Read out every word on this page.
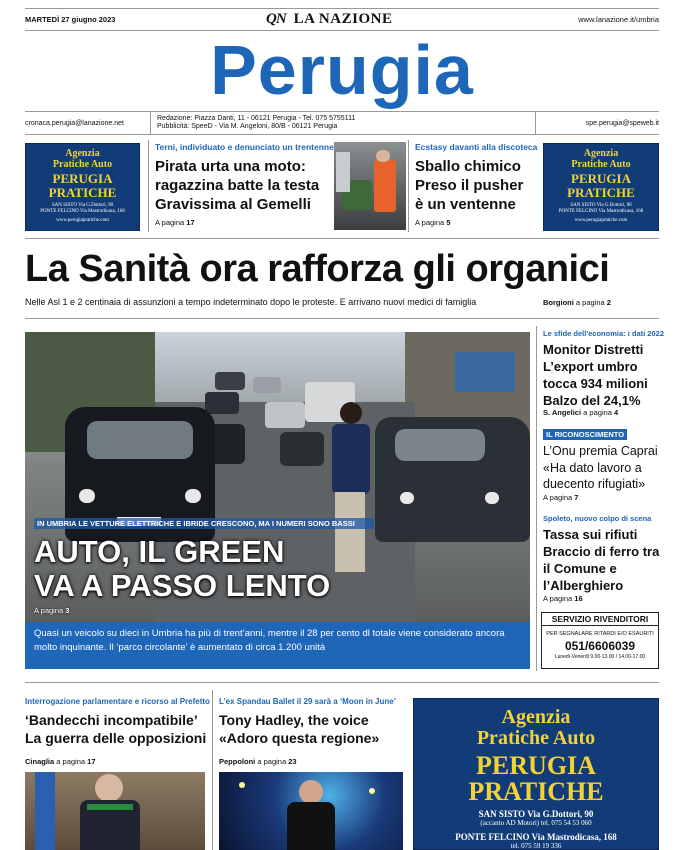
MARTEDÌ 27 giugno 2023	QN LA NAZIONE	www.lanazione.it/umbria
Perugia
cronaca.perugia@lanazione.net
Redazione: Piazza Danti, 11 - 06121 Perugia - Tel. 075 5755111
Pubblicità: SpeeD - Via M. Angeloni, 80/B - 06121 Perugia	spe.perugia@speweb.it
Agenzia
Pratiche Auto
PERUGIA
PRATICHE
SAN SISTO Via G.Dottori, 90
PONTE FELCINO Via Mastrodicasa, 168
www.perugiapratiche.com
Terni, individuato e denunciato un trentenne
Pirata urta una moto: ragazzina batte la testa Gravissima al Gemelli
A pagina 17
Ecstasy davanti alla discoteca
Sballo chimico Preso il pusher è un ventenne
A pagina 5
Agenzia
Pratiche Auto
PERUGIA
PRATICHE
SAN SISTO Via G.Dottori, 90
PONTE FELCINO Via Mastrodicasa, 168
www.perugiapratiche.com
La Sanità ora rafforza gli organici
Nelle Asl 1 e 2 centinaia di assunzioni a tempo indeterminato dopo le proteste. E arrivano nuovi medici di famiglia	Borgioni a pagina 2
IN UMBRIA LE VETTURE ELETTRICHE E IBRIDE CRESCONO, MA I NUMERI SONO BASSI
AUTO, IL GREEN
VA A PASSO LENTO
A pagina 3
Quasi un veicolo su dieci in Umbria ha più di trent’anni, mentre il 28 per cento dl totale viene considerato ancora molto inquinante. Il ‘parco circolante’ è aumentato di circa 1.200 unità
Le sfide dell'economia: i dati 2022
Monitor Distretti L’export umbro tocca 934 milioni Balzo del 24,1%
S. Angelici a pagina 4
IL RICONOSCIMENTO
L’Onu premia Caprai «Ha dato lavoro a duecento rifugiati»
A pagina 7
Spoleto, nuovo colpo di scena
Tassa sui rifiuti Braccio di ferro tra il Comune e l’Alberghiero
A pagina 16
SERVIZIO RIVENDITORI
PER SEGNALARE RITARDI E/O ESAURITI
051/6606039
Lunedì-Venerdì 9.00-13.00 / 14.00-17.00
Interrogazione parlamentare e ricorso al Prefetto
‘Bandecchi incompatibile’ La guerra delle opposizioni
Cinaglia a pagina 17
L’ex Spandau Ballet il 29 sarà a ‘Moon in June’
Tony Hadley, the voice «Adoro questa regione»
Peppoloni a pagina 23
Agenzia
Pratiche Auto
PERUGIA
PRATICHE
SAN SISTO Via G.Dottori, 90
(accanto AD Motori) tel. 075 54 53 060
PONTE FELCINO Via Mastrodicasa, 168
tel. 075 59 19 336
